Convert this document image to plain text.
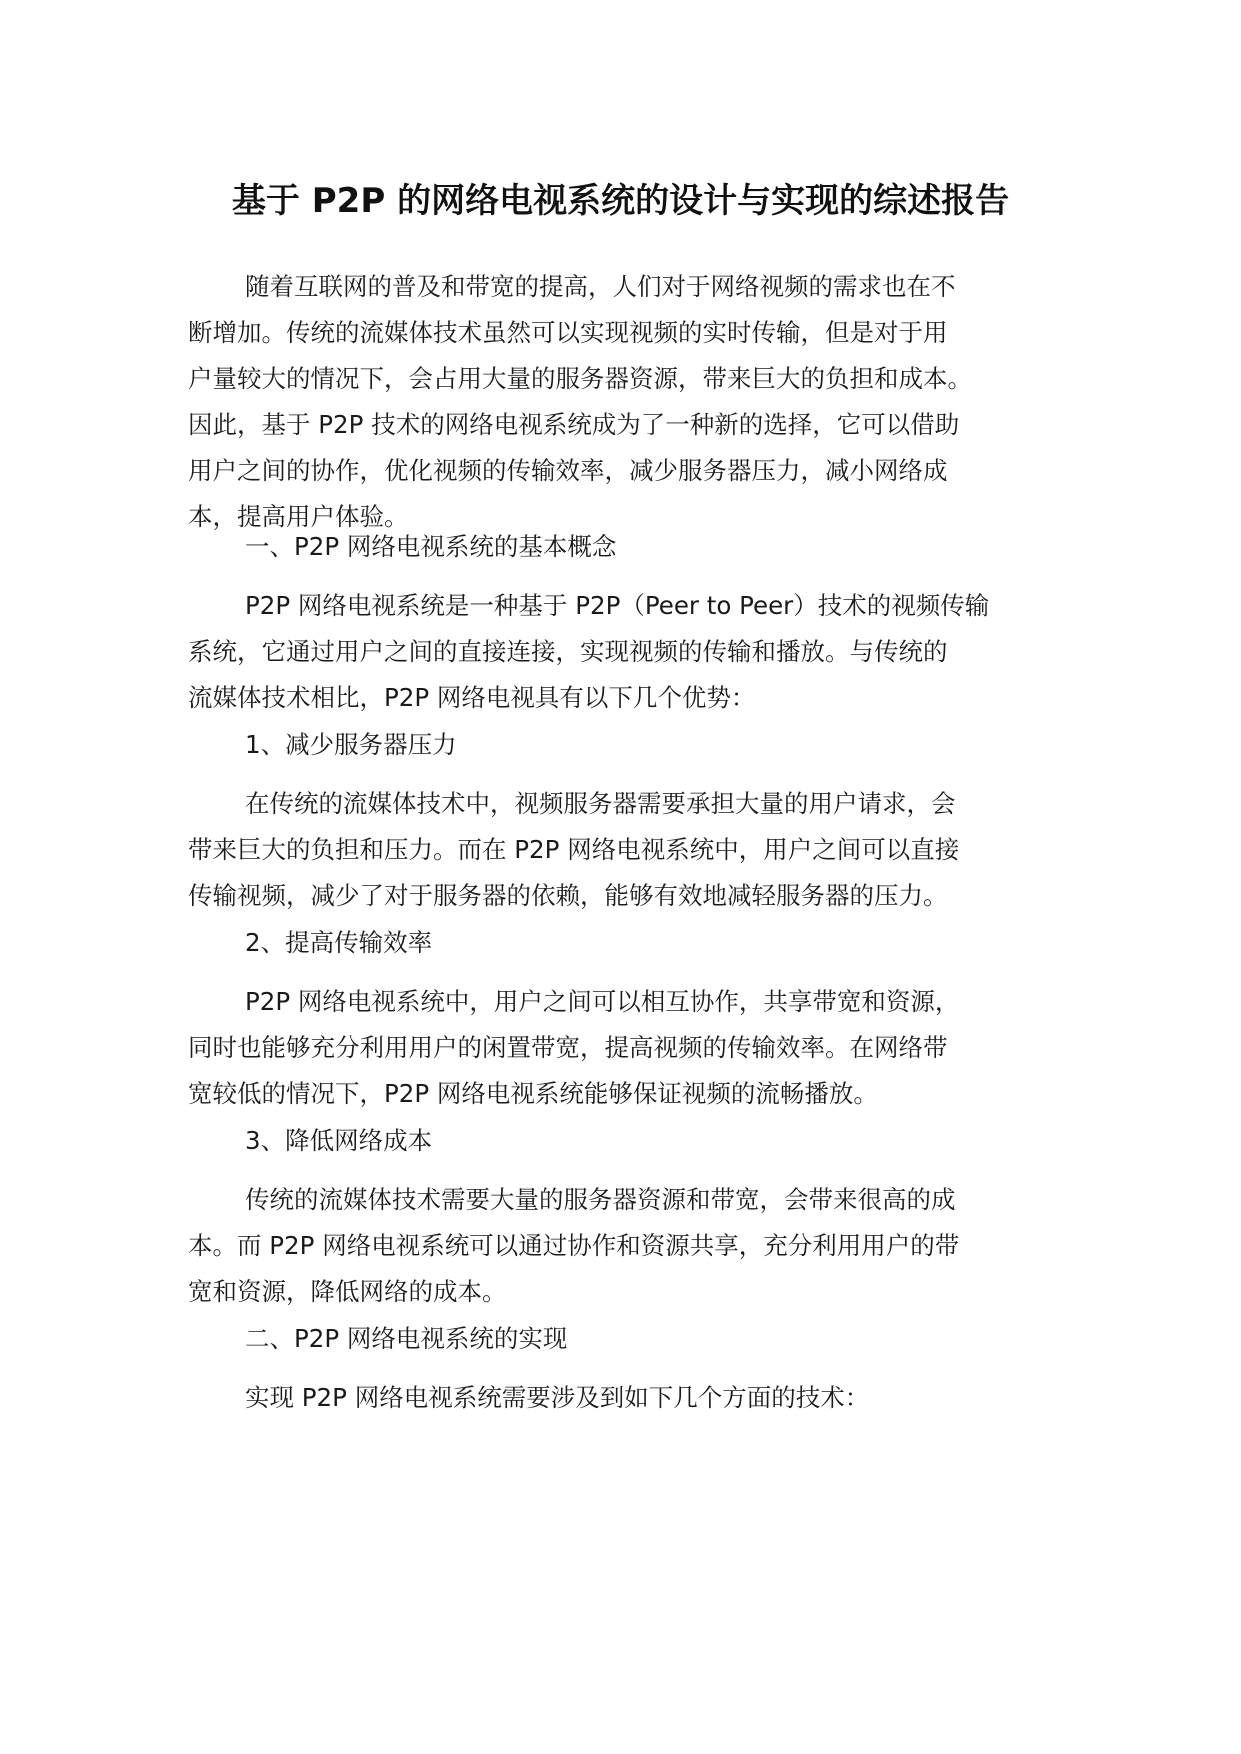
基于 P2P 的网络电视系统的设计与实现的综述报告
随着互联网的普及和带宽的提高，人们对于网络视频的需求也在不
断增加。传统的流媒体技术虽然可以实现视频的实时传输，但是对于用
户量较大的情况下，会占用大量的服务器资源，带来巨大的负担和成本。
因此，基于 P2P 技术的网络电视系统成为了一种新的选择，它可以借助
用户之间的协作，优化视频的传输效率，减少服务器压力，减小网络成
本，提高用户体验。
一、P2P 网络电视系统的基本概念
P2P 网络电视系统是一种基于 P2P（Peer to Peer）技术的视频传输
系统，它通过用户之间的直接连接，实现视频的传输和播放。与传统的
流媒体技术相比，P2P 网络电视具有以下几个优势：
1、减少服务器压力
在传统的流媒体技术中，视频服务器需要承担大量的用户请求，会
带来巨大的负担和压力。而在 P2P 网络电视系统中，用户之间可以直接
传输视频，减少了对于服务器的依赖，能够有效地减轻服务器的压力。
2、提高传输效率
P2P 网络电视系统中，用户之间可以相互协作，共享带宽和资源，
同时也能够充分利用用户的闲置带宽，提高视频的传输效率。在网络带
宽较低的情况下，P2P 网络电视系统能够保证视频的流畅播放。
3、降低网络成本
传统的流媒体技术需要大量的服务器资源和带宽，会带来很高的成
本。而 P2P 网络电视系统可以通过协作和资源共享，充分利用用户的带
宽和资源，降低网络的成本。
二、P2P 网络电视系统的实现
实现 P2P 网络电视系统需要涉及到如下几个方面的技术：
